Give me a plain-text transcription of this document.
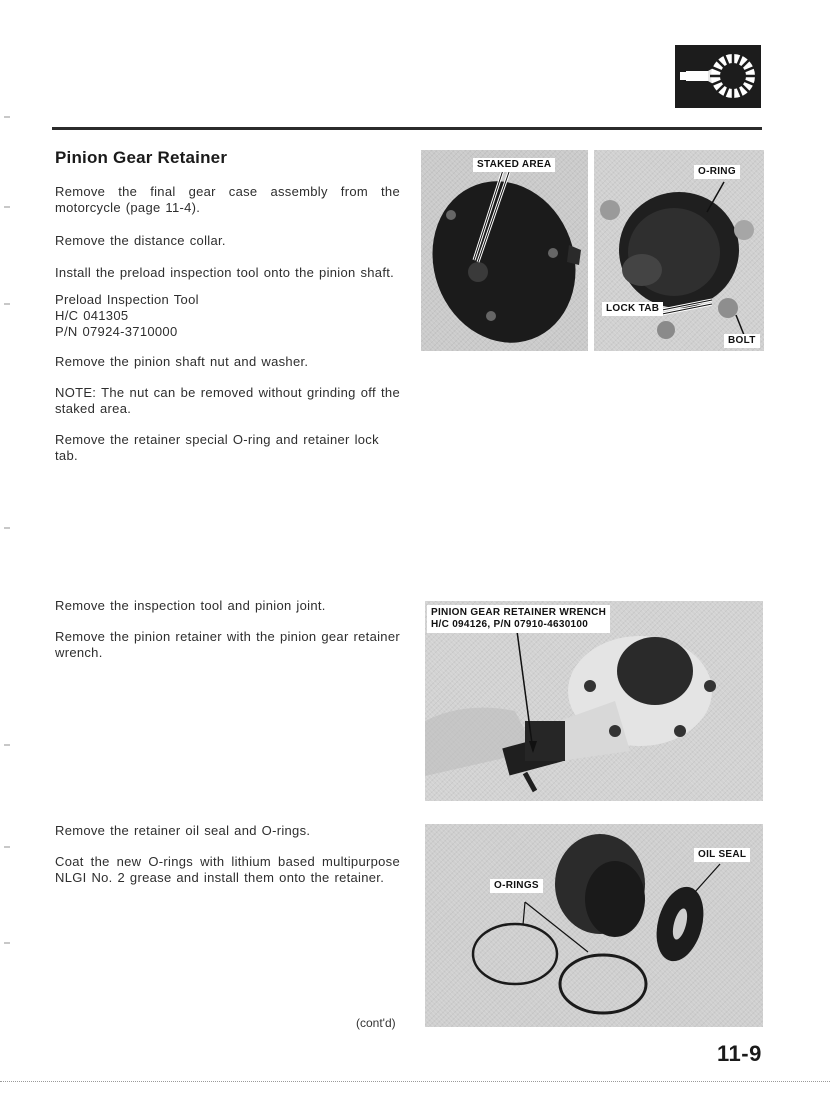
Pinion Gear Retainer
Remove the final gear case assembly from the motorcycle (page 11-4).
Remove the distance collar.
Install the preload inspection tool onto the pinion shaft.
Preload Inspection Tool
H/C 041305
P/N 07924-3710000
Remove the pinion shaft nut and washer.
NOTE: The nut can be removed without grinding off the staked area.
Remove the retainer special O-ring and retainer lock tab.
Remove the inspection tool and pinion joint.
Remove the pinion retainer with the pinion gear retainer wrench.
Remove the retainer oil seal and O-rings.
Coat the new O-rings with lithium based multipurpose NLGI No. 2 grease and install them onto the retainer.
STAKED AREA
O-RING
LOCK TAB
BOLT
PINION GEAR RETAINER WRENCH
H/C 094126, P/N 07910-4630100
O-RINGS
OIL SEAL
(cont'd)
11-9
